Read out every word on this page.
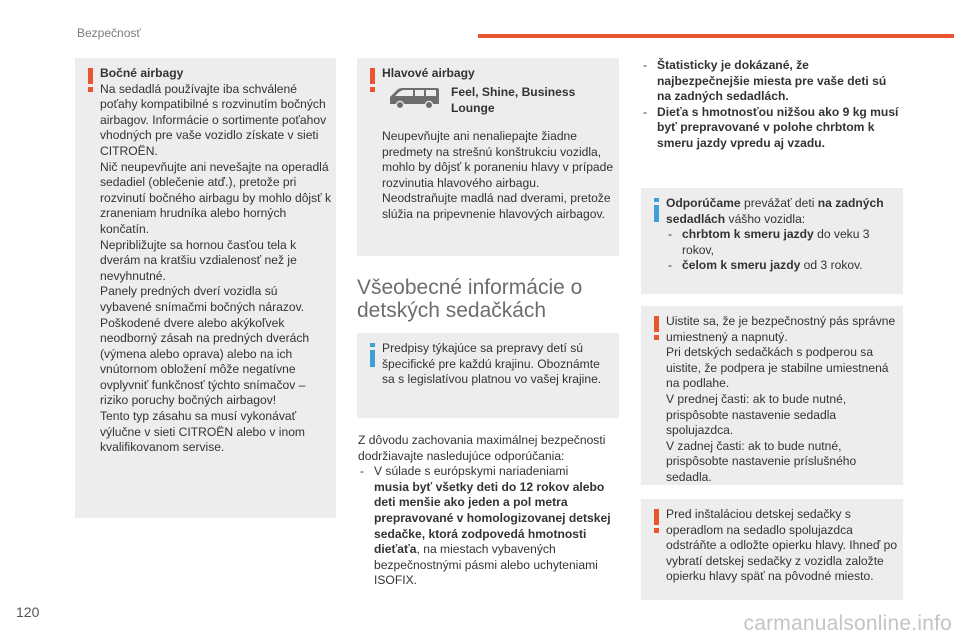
Bezpečnosť
Bočné airbagy
Na sedadlá používajte iba schválené poťahy kompatibilné s rozvinutím bočných airbagov. Informácie o sortimente poťahov vhodných pre vaše vozidlo získate v sieti CITROËN.
Nič neupevňujte ani nevešajte na operadlá sedadiel (oblečenie atď.), pretože pri rozvinutí bočného airbagu by mohlo dôjsť k zraneniam hrudníka alebo horných končatín.
Nepribližujte sa hornou časťou tela k dverám na kratšiu vzdialenosť než je nevyhnutné.
Panely predných dverí vozidla sú vybavené snímačmi bočných nárazov. Poškodené dvere alebo akýkoľvek neodborný zásah na predných dverách (výmena alebo oprava) alebo na ich vnútornom obložení môže negatívne ovplyvniť funkčnosť týchto snímačov – riziko poruchy bočných airbagov!
Tento typ zásahu sa musí vykonávať výlučne v sieti CITROËN alebo v inom kvalifikovanom servise.
Hlavové airbagy
Feel, Shine, Business Lounge
Neupevňujte ani nenaliepajte žiadne predmety na strešnú konštrukciu vozidla, mohlo by dôjsť k poraneniu hlavy v prípade rozvinutia hlavového airbagu.
Neodstraňujte madlá nad dverami, pretože slúžia na pripevnenie hlavových airbagov.
Všeobecné informácie o detských sedačkách
Predpisy týkajúce sa prepravy detí sú špecifické pre každú krajinu. Oboznámte sa s legislatívou platnou vo vašej krajine.
Z dôvodu zachovania maximálnej bezpečnosti dodržiavajte nasledujúce odporúčania:
- V súlade s európskymi nariadeniami
musia byť všetky deti do 12 rokov alebo deti menšie ako jeden a pol metra prepravované v homologizovanej detskej sedačke, ktorá zodpovedá hmotnosti dieťaťa, na miestach vybavených bezpečnostnými pásmi alebo uchyteniami ISOFIX.
- Štatisticky je dokázané, že najbezpečnejšie miesta pre vaše deti sú na zadných sedadlách.
- Dieťa s hmotnosťou nižšou ako 9 kg musí byť prepravované v polohe chrbtom k smeru jazdy vpredu aj vzadu.
Odporúčame prevážať deti na zadných sedadlách vášho vozidla:
- chrbtom k smeru jazdy do veku 3 rokov,
- čelom k smeru jazdy od 3 rokov.
Uistite sa, že je bezpečnostný pás správne umiestnený a napnutý.
Pri detských sedačkách s podperou sa uistite, že podpera je stabilne umiestnená na podlahe.
V prednej časti: ak to bude nutné, prispôsobte nastavenie sedadla spolujazdca.
V zadnej časti: ak to bude nutné, prispôsobte nastavenie príslušného sedadla.
Pred inštaláciou detskej sedačky s operadlom na sedadlo spolujazdca odstráňte a odložte opierku hlavy. Ihneď po vybratí detskej sedačky z vozidla založte opierku hlavy späť na pôvodné miesto.
120	carmanualsonline.info
